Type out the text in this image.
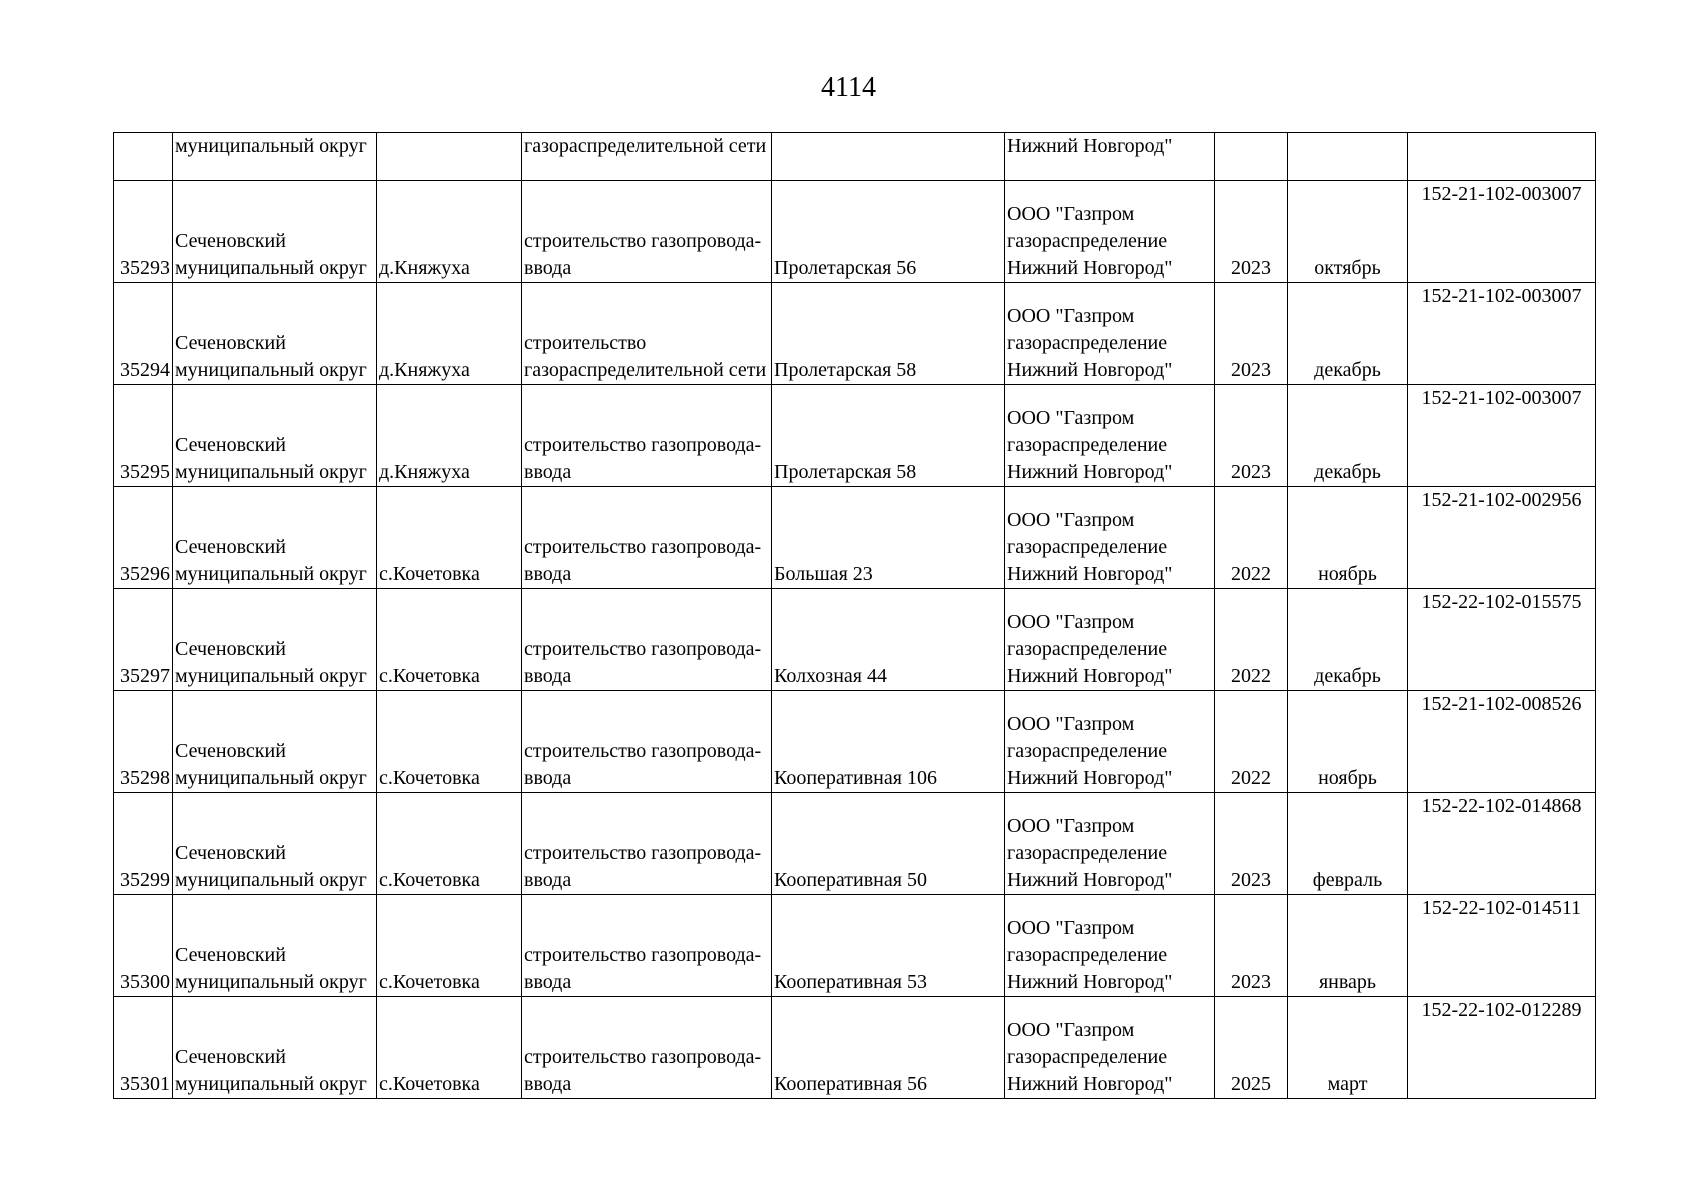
4114
	муниципальный округ		газораспределительной сети		Нижний Новгород"			
35293	Сеченовский
муниципальный округ	д.Княжуха	строительство газопровода-
ввода	Пролетарская 56	ООО "Газпром
газораспределение
Нижний Новгород"	2023	октябрь	152-21-102-003007
35294	Сеченовский
муниципальный округ	д.Княжуха	строительство
газораспределительной сети	Пролетарская 58	ООО "Газпром
газораспределение
Нижний Новгород"	2023	декабрь	152-21-102-003007
35295	Сеченовский
муниципальный округ	д.Княжуха	строительство газопровода-
ввода	Пролетарская 58	ООО "Газпром
газораспределение
Нижний Новгород"	2023	декабрь	152-21-102-003007
35296	Сеченовский
муниципальный округ	с.Кочетовка	строительство газопровода-
ввода	Большая 23	ООО "Газпром
газораспределение
Нижний Новгород"	2022	ноябрь	152-21-102-002956
35297	Сеченовский
муниципальный округ	с.Кочетовка	строительство газопровода-
ввода	Колхозная 44	ООО "Газпром
газораспределение
Нижний Новгород"	2022	декабрь	152-22-102-015575
35298	Сеченовский
муниципальный округ	с.Кочетовка	строительство газопровода-
ввода	Кооперативная 106	ООО "Газпром
газораспределение
Нижний Новгород"	2022	ноябрь	152-21-102-008526
35299	Сеченовский
муниципальный округ	с.Кочетовка	строительство газопровода-
ввода	Кооперативная 50	ООО "Газпром
газораспределение
Нижний Новгород"	2023	февраль	152-22-102-014868
35300	Сеченовский
муниципальный округ	с.Кочетовка	строительство газопровода-
ввода	Кооперативная 53	ООО "Газпром
газораспределение
Нижний Новгород"	2023	январь	152-22-102-014511
35301	Сеченовский
муниципальный округ	с.Кочетовка	строительство газопровода-
ввода	Кооперативная 56	ООО "Газпром
газораспределение
Нижний Новгород"	2025	март	152-22-102-012289
